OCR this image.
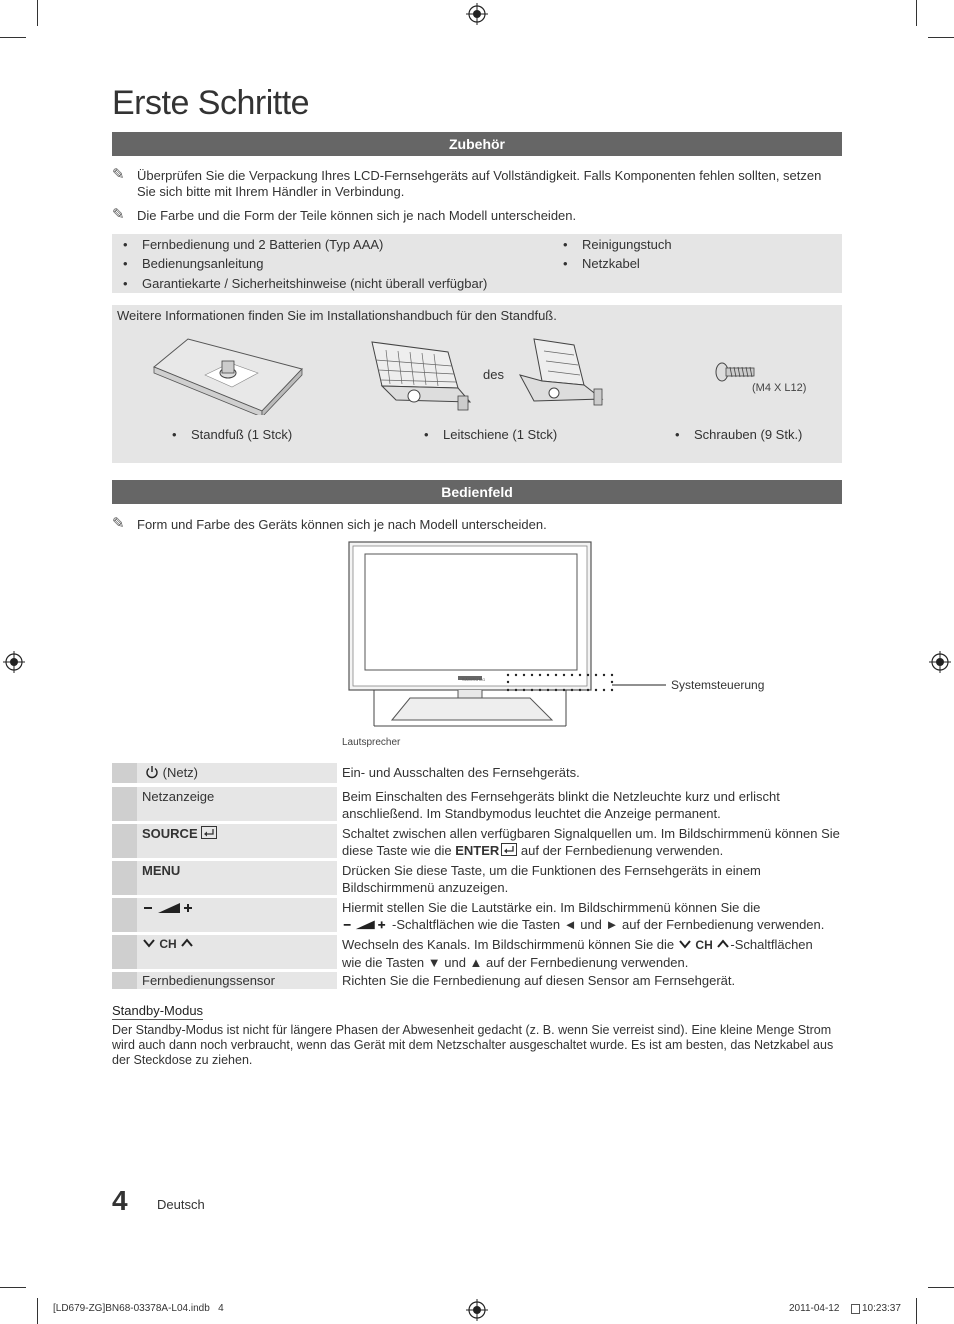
Erste Schritte
Zubehör
✎ Überprüfen Sie die Verpackung Ihres LCD-Fernsehgeräts auf Vollständigkeit. Falls Komponenten fehlen sollten, setzen Sie sich bitte mit Ihrem Händler in Verbindung.
✎ Die Farbe und die Form der Teile können sich je nach Modell unterscheiden.
• Fernbedienung und 2 Batterien (Typ AAA)
• Bedienungsanleitung
• Garantiekarte / Sicherheitshinweise (nicht überall verfügbar)
• Reinigungstuch
• Netzkabel
Weitere Informationen finden Sie im Installationshandbuch für den Standfuß.
des
(M4 X L12)
• Standfuß (1 Stck)	• Leitschiene (1 Stck)	• Schrauben (9 Stk.)
Bedienfeld
✎ Form und Farbe des Geräts können sich je nach Modell unterscheiden.
SAMSUNG	Systemsteuerung
Lautsprecher
(Netz)	Ein- und Ausschalten des Fernsehgeräts.
Netzanzeige	Beim Einschalten des Fernsehgeräts blinkt die Netzleuchte kurz und erlischt anschließend. Im Standbymodus leuchtet die Anzeige permanent.
SOURCE	Schaltet zwischen allen verfügbaren Signalquellen um. Im Bildschirmmenü können Sie diese Taste wie die ENTER auf der Fernbedienung verwenden.
MENU	Drücken Sie diese Taste, um die Funktionen des Fernsehgeräts in einem Bildschirmmenü anzuzeigen.
Hiermit stellen Sie die Lautstärke ein. Im Bildschirmmenü können Sie die
-Schaltflächen wie die Tasten ◄ und ► auf der Fernbedienung verwenden.
CH	Wechseln des Kanals. Im Bildschirmmenü können Sie die CH -Schaltflächen
wie die Tasten ▼ und ▲ auf der Fernbedienung verwenden.
Fernbedienungssensor	Richten Sie die Fernbedienung auf diesen Sensor am Fernsehgerät.
Standby-Modus
Der Standby-Modus ist nicht für längere Phasen der Abwesenheit gedacht (z. B. wenn Sie verreist sind). Eine kleine Menge Strom wird auch dann noch verbraucht, wenn das Gerät mit dem Netzschalter ausgeschaltet wurde. Es ist am besten, das Netzkabel aus der Steckdose zu ziehen.
4 Deutsch
[LD679-ZG]BN68-03378A-L04.indb   4	2011-04-12 10:23:37
